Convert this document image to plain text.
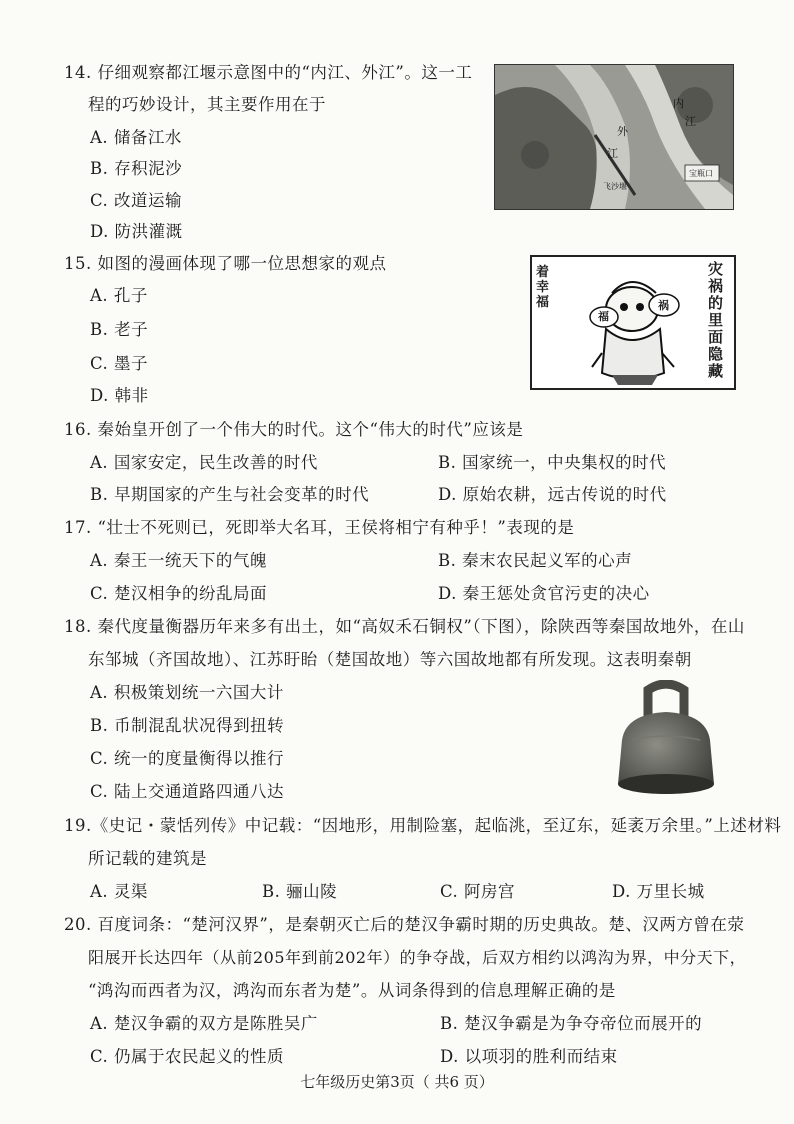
14. 仔细观察都江堰示意图中的“内江、外江”。这一工
程的巧妙设计，其主要作用在于
A. 储备江水
B. 存积泥沙
C. 改道运输
D. 防洪灌溉
外
江
内
江
飞沙堰
宝瓶口
15. 如图的漫画体现了哪一位思想家的观点
A. 孔子
B. 老子
C. 墨子
D. 韩非
灾祸的里面隐藏
着幸福
福
祸
16. 秦始皇开创了一个伟大的时代。这个“伟大的时代”应该是
A. 国家安定，民生改善的时代	B. 国家统一，中央集权的时代
B. 早期国家的产生与社会变革的时代	D. 原始农耕，远古传说的时代
17. “壮士不死则已，死即举大名耳，王侯将相宁有种乎！”表现的是
A. 秦王一统天下的气魄	B. 秦末农民起义军的心声
C. 楚汉相争的纷乱局面	D. 秦王惩处贪官污吏的决心
18. 秦代度量衡器历年来多有出土，如“高奴禾石铜权”（下图），除陕西等秦国故地外，在山
东邹城（齐国故地）、江苏盱眙（楚国故地）等六国故地都有所发现。这表明秦朝
A. 积极策划统一六国大计
B. 币制混乱状况得到扭转
C. 统一的度量衡得以推行
C. 陆上交通道路四通八达
19.《史记・蒙恬列传》中记载：“因地形，用制险塞，起临洮，至辽东，延袤万余里。”上述材料
所记载的建筑是
A. 灵渠	B. 骊山陵	C. 阿房宫	D. 万里长城
20. 百度词条：“楚河汉界”，是秦朝灭亡后的楚汉争霸时期的历史典故。楚、汉两方曾在荥
阳展开长达四年（从前205年到前202年）的争夺战，后双方相约以鸿沟为界，中分天下，
“鸿沟而西者为汉，鸿沟而东者为楚”。从词条得到的信息理解正确的是
A. 楚汉争霸的双方是陈胜吴广	B. 楚汉争霸是为争夺帝位而展开的
C. 仍属于农民起义的性质	D. 以项羽的胜利而结束
七年级历史第3页（ 共6 页）
